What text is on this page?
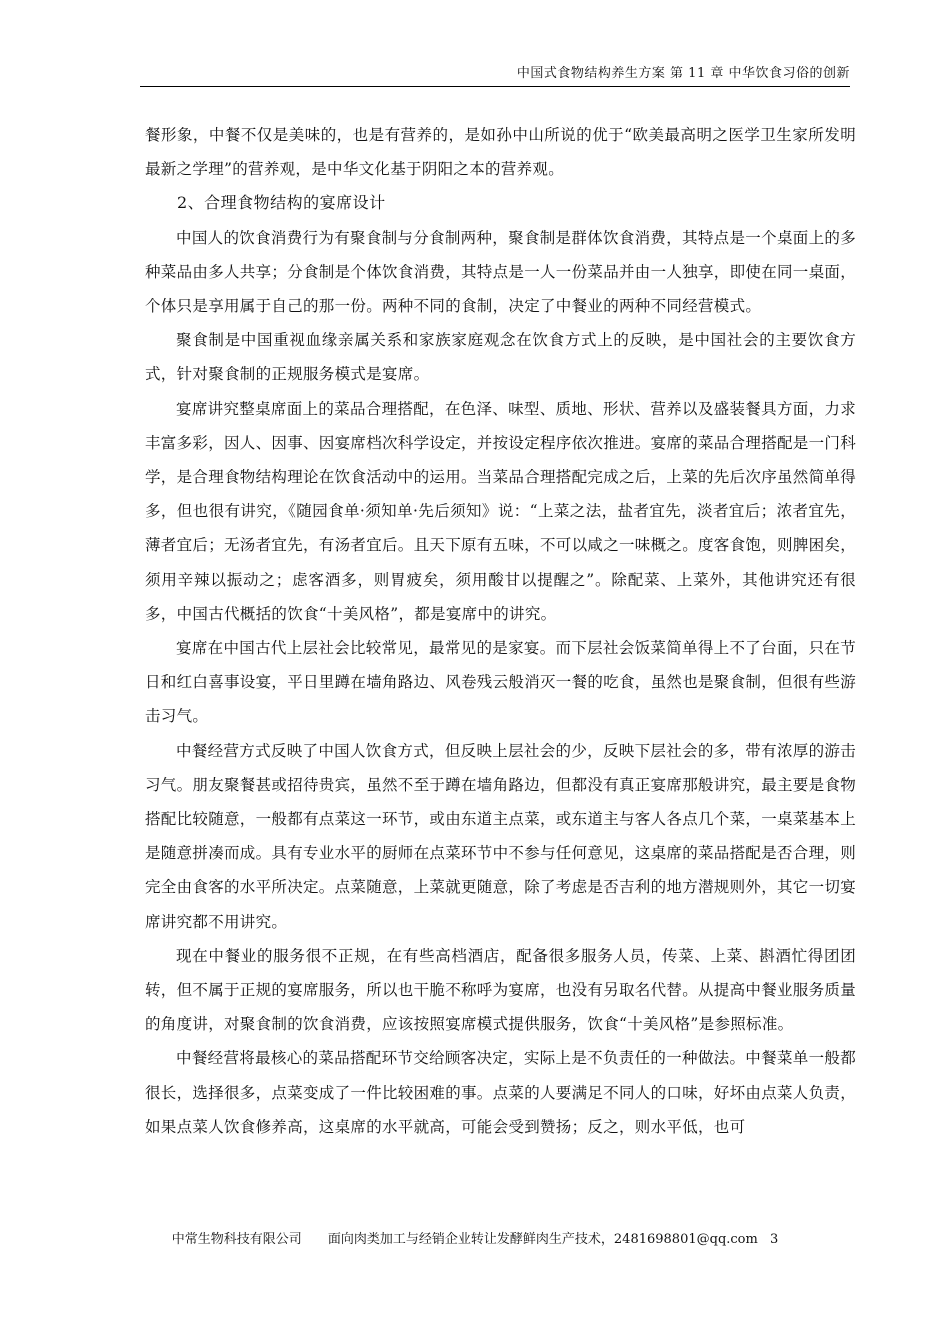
中国式食物结构养生方案 第 11 章 中华饮食习俗的创新

餐形象，中餐不仅是美味的，也是有营养的，是如孙中山所说的优于“欧美最高明之医学卫生家所发明最新之学理”的营养观，是中华文化基于阴阳之本的营养观。

2、合理食物结构的宴席设计

中国人的饮食消费行为有聚食制与分食制两种，聚食制是群体饮食消费，其特点是一个桌面上的多种菜品由多人共享；分食制是个体饮食消费，其特点是一人一份菜品并由一人独享，即使在同一桌面，个体只是享用属于自己的那一份。两种不同的食制，决定了中餐业的两种不同经营模式。

聚食制是中国重视血缘亲属关系和家族家庭观念在饮食方式上的反映，是中国社会的主要饮食方式，针对聚食制的正规服务模式是宴席。

宴席讲究整桌席面上的菜品合理搭配，在色泽、味型、质地、形状、营养以及盛装餐具方面，力求丰富多彩，因人、因事、因宴席档次科学设定，并按设定程序依次推进。宴席的菜品合理搭配是一门科学，是合理食物结构理论在饮食活动中的运用。当菜品合理搭配完成之后，上菜的先后次序虽然简单得多，但也很有讲究，《随园食单·须知单·先后须知》说：“上菜之法，盐者宜先，淡者宜后；浓者宜先，薄者宜后；无汤者宜先，有汤者宜后。且天下原有五味，不可以咸之一味概之。度客食饱，则脾困矣，须用辛辣以振动之；虑客酒多，则胃疲矣，须用酸甘以提醒之”。除配菜、上菜外，其他讲究还有很多，中国古代概括的饮食“十美风格”，都是宴席中的讲究。

宴席在中国古代上层社会比较常见，最常见的是家宴。而下层社会饭菜简单得上不了台面，只在节日和红白喜事设宴，平日里蹲在墙角路边、风卷残云般消灭一餐的吃食，虽然也是聚食制，但很有些游击习气。

中餐经营方式反映了中国人饮食方式，但反映上层社会的少，反映下层社会的多，带有浓厚的游击习气。朋友聚餐甚或招待贵宾，虽然不至于蹲在墙角路边，但都没有真正宴席那般讲究，最主要是食物搭配比较随意，一般都有点菜这一环节，或由东道主点菜，或东道主与客人各点几个菜，一桌菜基本上是随意拼凑而成。具有专业水平的厨师在点菜环节中不参与任何意见，这桌席的菜品搭配是否合理，则完全由食客的水平所决定。点菜随意，上菜就更随意，除了考虑是否吉利的地方潜规则外，其它一切宴席讲究都不用讲究。

现在中餐业的服务很不正规，在有些高档酒店，配备很多服务人员，传菜、上菜、斟酒忙得团团转，但不属于正规的宴席服务，所以也干脆不称呼为宴席，也没有另取名代替。从提高中餐业服务质量的角度讲，对聚食制的饮食消费，应该按照宴席模式提供服务，饮食“十美风格”是参照标准。

中餐经营将最核心的菜品搭配环节交给顾客决定，实际上是不负责任的一种做法。中餐菜单一般都很长，选择很多，点菜变成了一件比较困难的事。点菜的人要满足不同人的口味，好坏由点菜人负责，如果点菜人饮食修养高，这桌席的水平就高，可能会受到赞扬；反之，则水平低，也可

中常生物科技有限公司 面向肉类加工与经销企业转让发酵鲜肉生产技术，2481698801@qq.com 3
